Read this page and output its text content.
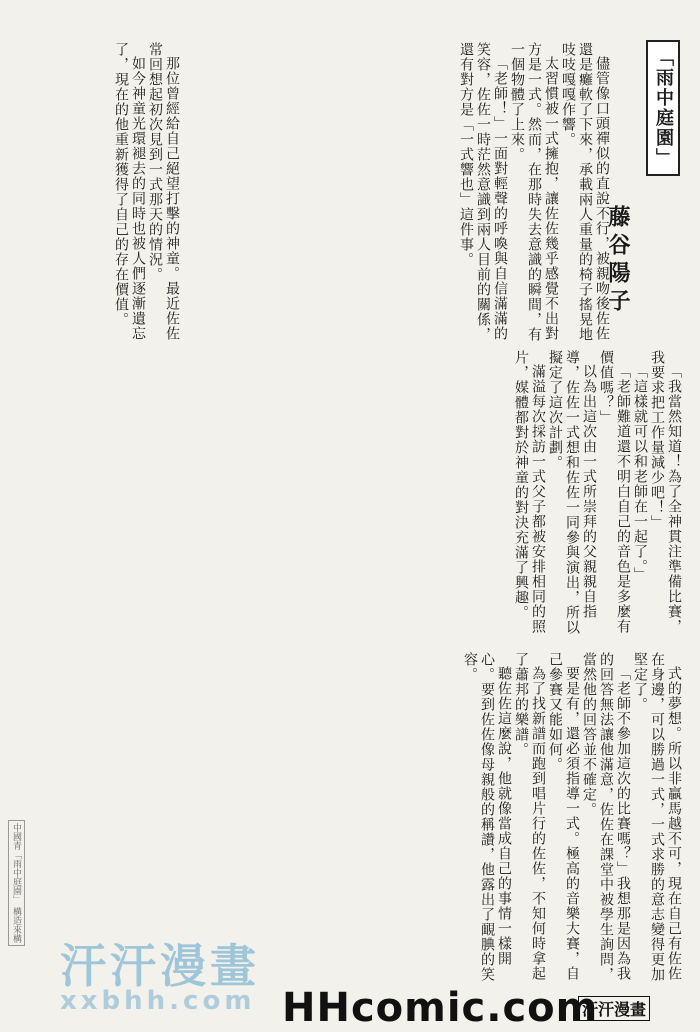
「雨中庭園」
藤谷陽子

儘管像口頭禪似的直說不行，被親吻後佐佐還是癱軟了下來，承載兩人重量的椅子搖晃地吱吱嘎嘎作響。

太習慣被一式擁抱，讓佐佐幾乎感覺不出對方是一式。然而，在那時失去意識的瞬間，有一個物體了上來。

「老師！」一面對輕聲的呼喚與自信滿滿的笑容，佐佐一時茫然意識到兩人目前的關係，還有對方是「一式響也」這件事。

那位曾經給自己絕望打擊的神童。最近佐佐常回想起初次見到一式那天的情況。

如今神童光環褪去的同時也被人們逐漸遺忘了，現在的他重新獲得了自己的存在價值。

「我當然知道！為了全神貫注準備比賽，我要求把工作量減少吧！」

「這樣就可以和老師在一起了。」

「老師難道還不明白自己的音色是多麼有價值嗎？」

以為出這次由一式所崇拜的父親親自指導，佐佐一式想和佐佐一同參與演出，所以擬定了這次計劃。

滿溢每次採訪一式父子都被安排相同的照片，媒體都對於神童的對決充滿了興趣。

式的夢想。所以非贏馬越不可，現在自己有佐佐在身邊，可以勝過一式，一式求勝的意志變得更加堅定了。

「老師不參加這次的比賽嗎？」我想那是因為我的回答無法讓他滿意，佐佐在課堂中被學生詢問，當然他的回答並不確定。

要是有，還必須指導一式。極高的音樂大賽，自己參賽又能如何。

為了找新譜而跑到唱片行的佐佐，不知何時拿起了蕭邦的樂譜。

聽佐佐這麼說，他就像當成自己的事情一樣開心。要到佐佐像母親般的稱讚，他露出了靦腆的笑容。

中國青「雨中庭園」 構造來構
汗汗漫畫
xxbhh.com HHcomic.com
汗汗漫畫
